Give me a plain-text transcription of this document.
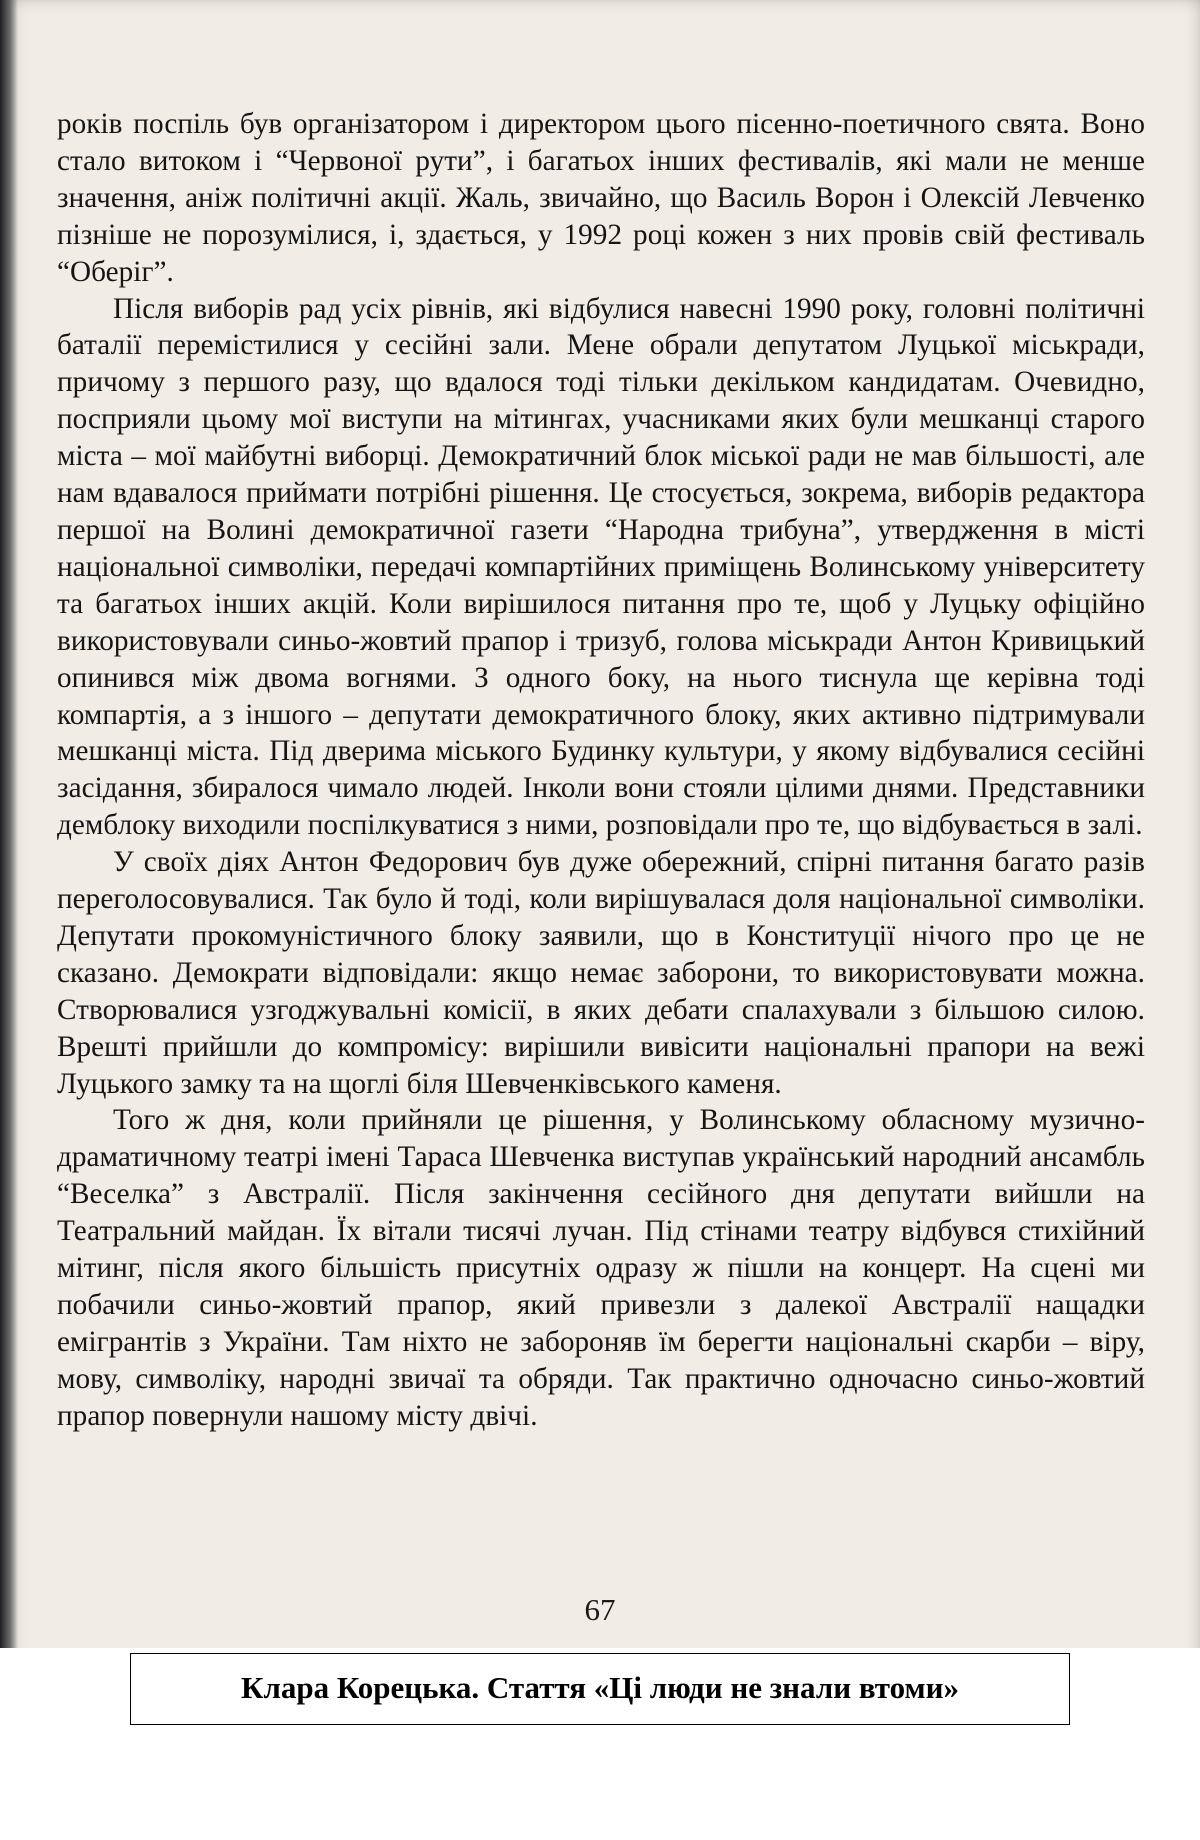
років поспіль був організатором і директором цього пісенно-поетичного свята. Воно стало витоком і “Червоної рути”, і багатьох інших фестивалів, які мали не менше значення, аніж політичні акції. Жаль, звичайно, що Василь Ворон і Олексій Левченко пізніше не порозумілися, і, здається, у 1992 році кожен з них провів свій фестиваль “Оберіг”.

Після виборів рад усіх рівнів, які відбулися навесні 1990 року, головні політичні баталії перемістилися у сесійні зали. Мене обрали депутатом Луцької міськради, причому з першого разу, що вдалося тоді тільки декільком кандидатам. Очевидно, посприяли цьому мої виступи на мітингах, учасниками яких були мешканці старого міста – мої майбутні виборці. Демократичний блок міської ради не мав більшості, але нам вдавалося приймати потрібні рішення. Це стосується, зокрема, виборів редактора першої на Волині демократичної газети “Народна трибуна”, утвердження в місті національної символіки, передачі компартійних приміщень Волинському університету та багатьох інших акцій. Коли вирішилося питання про те, щоб у Луцьку офіційно використовували синьо-жовтий прапор і тризуб, голова міськради Антон Кривицький опинився між двома вогнями. З одного боку, на нього тиснула ще керівна тоді компартія, а з іншого – депутати демократичного блоку, яких активно підтримували мешканці міста. Під дверима міського Будинку культури, у якому відбувалися сесійні засідання, збиралося чимало людей. Інколи вони стояли цілими днями. Представники демблоку виходили поспілкуватися з ними, розповідали про те, що відбувається в залі.

У своїх діях Антон Федорович був дуже обережний, спірні питання багато разів переголосовувалися. Так було й тоді, коли вирішувалася доля національної символіки. Депутати прокомуністичного блоку заявили, що в Конституції нічого про це не сказано. Демократи відповідали: якщо немає заборони, то використовувати можна. Створювалися узгоджувальні комісії, в яких дебати спалахували з більшою силою. Врешті прийшли до компромісу: вирішили вивісити національні прапори на вежі Луцького замку та на щоглі біля Шевченківського каменя.

Того ж дня, коли прийняли це рішення, у Волинському обласному музично-драматичному театрі імені Тараса Шевченка виступав український народний ансамбль “Веселка” з Австралії. Після закінчення сесійного дня депутати вийшли на Театральний майдан. Їх вітали тисячі лучан. Під стінами театру відбувся стихійний мітинг, після якого більшість присутніх одразу ж пішли на концерт. На сцені ми побачили синьо-жовтий прапор, який привезли з далекої Австралії нащадки емігрантів з України. Там ніхто не забороняв їм берегти національні скарби – віру, мову, символіку, народні звичаї та обряди. Так практично одночасно синьо-жовтий прапор повернули нашому місту двічі.

67
Клара Корецька. Стаття «Ці люди не знали втоми»
